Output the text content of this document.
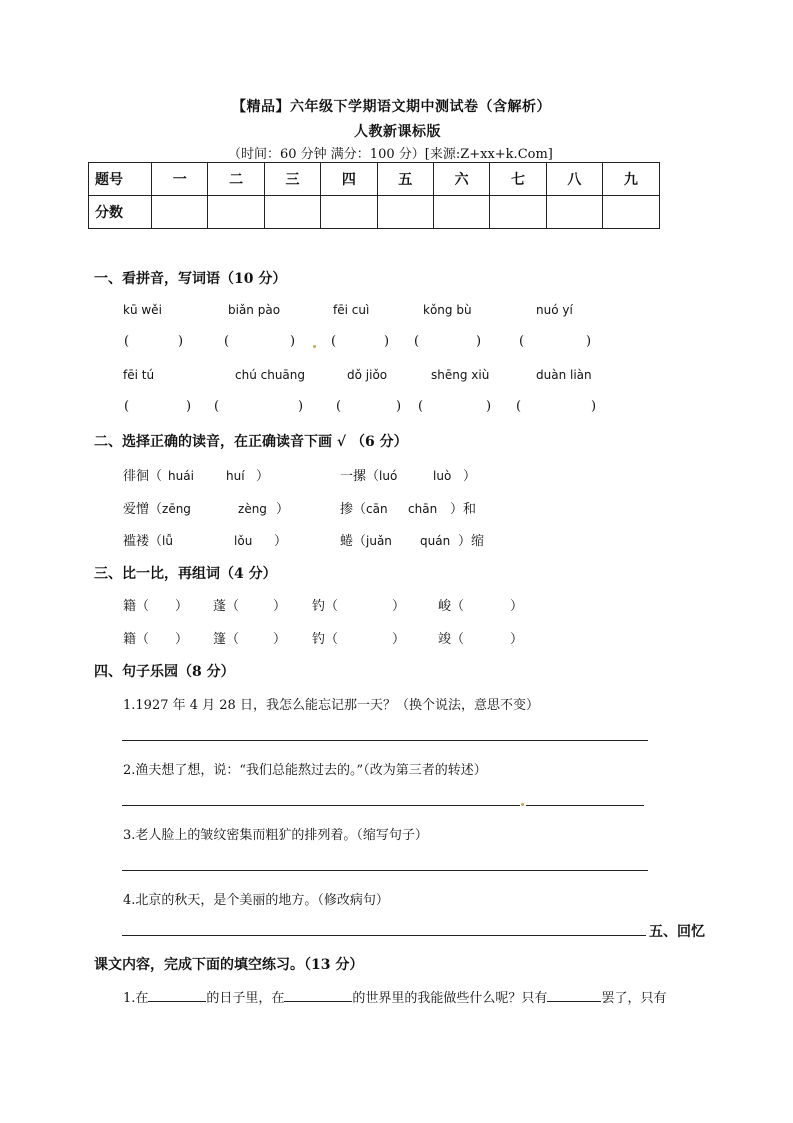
【精品】六年级下学期语文期中测试卷（含解析）
人教新课标版
（时间：60 分钟 满分：100 分）[来源:Z+xx+k.Com]
题号	一	二	三	四	五	六	七	八	九
分数									
一、看拼音，写词语（10 分）
kū wěi	biǎn pào	fēi cuì	kǒng bù	nuó yí
(	)	(	)	(	) (	)	(	)
fēi tú	chú chuāng	dǒ jiǒo	shēng xiù	duàn liàn
(	) (	)	(	) (	) (	)
二、选择正确的读音，在正确读音下画 √ （6 分）
徘徊（ huái	huí ）	一摞（luó	luò ）
爱憎（zēng	zèng ）	掺（cān chān ）和
褴褛（lǚ	lǒu ）	蜷（juǎn quán ）缩
三、比一比，再组词（4 分）
籍（ ） 蓬（	） 钓（	）	峻（	）
籍（ ） 篷（	） 钓（	）	竣（	）
四、句子乐园（8 分）
1.1927 年 4 月 28 日，我怎么能忘记那一天？（换个说法，意思不变）
2.渔夫想了想，说：“我们总能熬过去的。”（改为第三者的转述）
3.老人脸上的皱纹密集而粗犷的排列着。（缩写句子）
4.北京的秋天，是个美丽的地方。（修改病句）
五、回忆
课文内容，完成下面的填空练习。（13 分）
1.在	的日子里，在	的世界里的我能做些什么呢？只有	罢了，只有
